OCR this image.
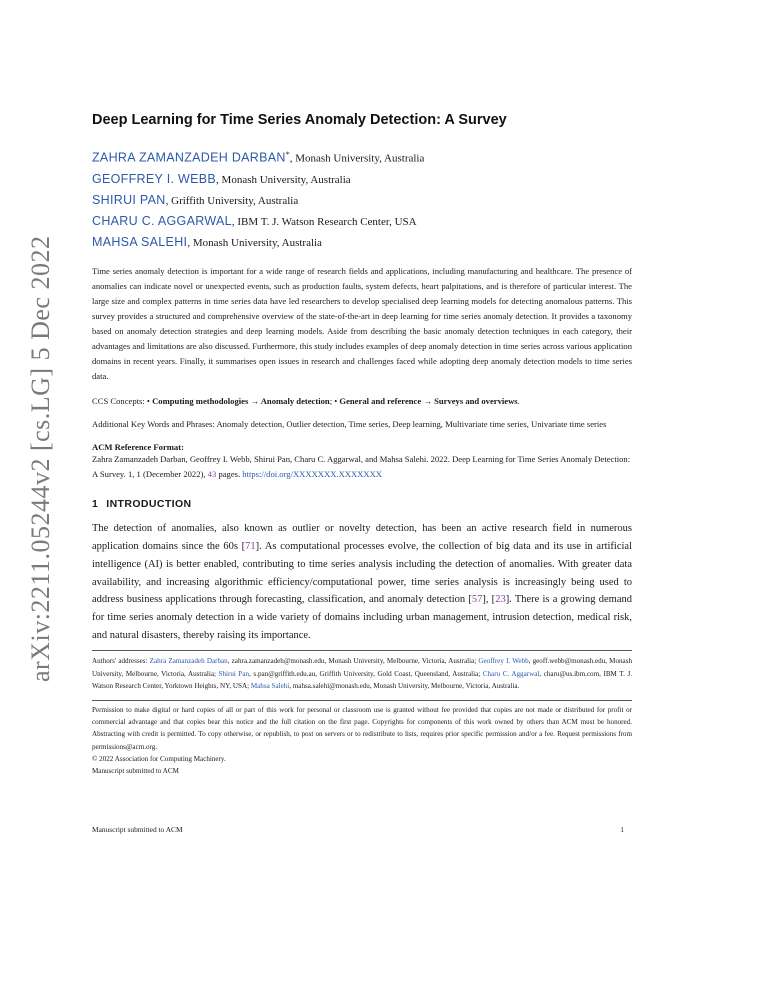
arXiv:2211.05244v2 [cs.LG] 5 Dec 2022
Deep Learning for Time Series Anomaly Detection: A Survey
ZAHRA ZAMANZADEH DARBAN*, Monash University, Australia
GEOFFREY I. WEBB, Monash University, Australia
SHIRUI PAN, Griffith University, Australia
CHARU C. AGGARWAL, IBM T. J. Watson Research Center, USA
MAHSA SALEHI, Monash University, Australia
Time series anomaly detection is important for a wide range of research fields and applications, including manufacturing and healthcare. The presence of anomalies can indicate novel or unexpected events, such as production faults, system defects, heart palpitations, and is therefore of particular interest. The large size and complex patterns in time series data have led researchers to develop specialised deep learning models for detecting anomalous patterns. This survey provides a structured and comprehensive overview of the state-of-the-art in deep learning for time series anomaly detection. It provides a taxonomy based on anomaly detection strategies and deep learning models. Aside from describing the basic anomaly detection techniques in each category, their advantages and limitations are also discussed. Furthermore, this study includes examples of deep anomaly detection in time series across various application domains in recent years. Finally, it summarises open issues in research and challenges faced while adopting deep anomaly detection models to time series data.
CCS Concepts: • Computing methodologies → Anomaly detection; • General and reference → Surveys and overviews.
Additional Key Words and Phrases: Anomaly detection, Outlier detection, Time series, Deep learning, Multivariate time series, Univariate time series
ACM Reference Format:
Zahra Zamanzadeh Darban, Geoffrey I. Webb, Shirui Pan, Charu C. Aggarwal, and Mahsa Salehi. 2022. Deep Learning for Time Series Anomaly Detection: A Survey. 1, 1 (December 2022), 43 pages. https://doi.org/XXXXXXX.XXXXXXX
1 INTRODUCTION
The detection of anomalies, also known as outlier or novelty detection, has been an active research field in numerous application domains since the 60s [71]. As computational processes evolve, the collection of big data and its use in artificial intelligence (AI) is better enabled, contributing to time series analysis including the detection of anomalies. With greater data availability, and increasing algorithmic efficiency/computational power, time series analysis is increasingly being used to address business applications through forecasting, classification, and anomaly detection [57], [23]. There is a growing demand for time series anomaly detection in a wide variety of domains including urban management, intrusion detection, medical risk, and natural disasters, thereby raising its importance.
Authors' addresses: Zahra Zamanzadeh Darban, zahra.zamanzadeh@monash.edu, Monash University, Melbourne, Victoria, Australia; Geoffrey I. Webb, geoff.webb@monash.edu, Monash University, Melbourne, Victoria, Australia; Shirui Pan, s.pan@griffith.edu.au, Griffith University, Gold Coast, Queensland, Australia; Charu C. Aggarwal, charu@us.ibm.com, IBM T. J. Watson Research Center, Yorktown Heights, NY, USA; Mahsa Salehi, mahsa.salehi@monash.edu, Monash University, Melbourne, Victoria, Australia.
Permission to make digital or hard copies of all or part of this work for personal or classroom use is granted without fee provided that copies are not made or distributed for profit or commercial advantage and that copies bear this notice and the full citation on the first page. Copyrights for components of this work owned by others than ACM must be honored. Abstracting with credit is permitted. To copy otherwise, or republish, to post on servers or to redistribute to lists, requires prior specific permission and/or a fee. Request permissions from permissions@acm.org.
© 2022 Association for Computing Machinery.
Manuscript submitted to ACM
Manuscript submitted to ACM	1
